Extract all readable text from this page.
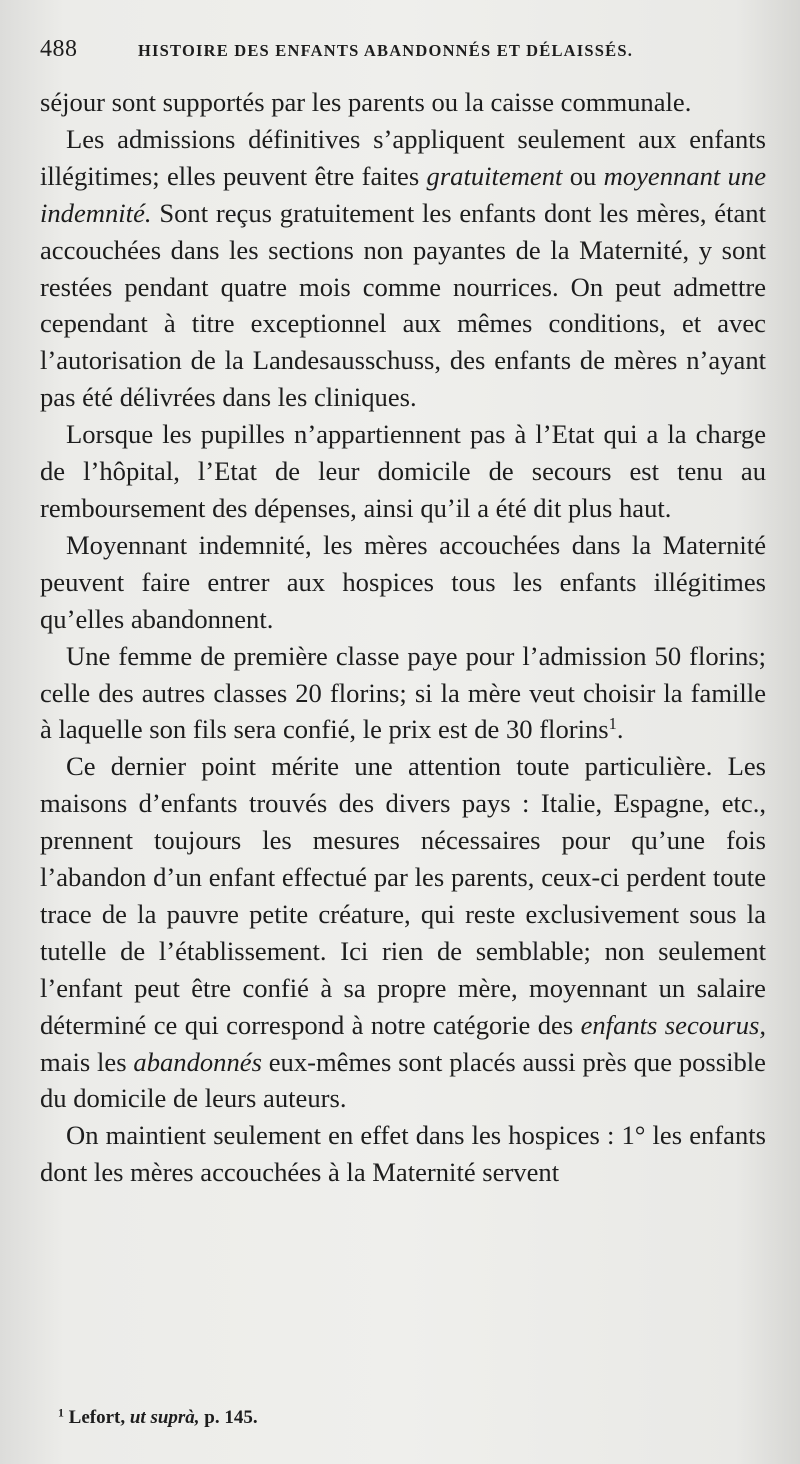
488	HISTOIRE DES ENFANTS ABANDONNÉS ET DÉLAISSÉS.

séjour sont supportés par les parents ou la caisse communale.

Les admissions définitives s’appliquent seulement aux enfants illégitimes; elles peuvent être faites gratuitement ou moyennant une indemnité. Sont reçus gratuitement les enfants dont les mères, étant accouchées dans les sections non payantes de la Maternité, y sont restées pendant quatre mois comme nourrices. On peut admettre cependant à titre exceptionnel aux mêmes conditions, et avec l’autorisation de la Landesausschuss, des enfants de mères n’ayant pas été délivrées dans les cliniques.

Lorsque les pupilles n’appartiennent pas à l’Etat qui a la charge de l’hôpital, l’Etat de leur domicile de secours est tenu au remboursement des dépenses, ainsi qu’il a été dit plus haut.

Moyennant indemnité, les mères accouchées dans la Maternité peuvent faire entrer aux hospices tous les enfants illégitimes qu’elles abandonnent.

Une femme de première classe paye pour l’admission 50 florins; celle des autres classes 20 florins; si la mère veut choisir la famille à laquelle son fils sera confié, le prix est de 30 florins$^1$.

Ce dernier point mérite une attention toute particulière. Les maisons d’enfants trouvés des divers pays : Italie, Espagne, etc., prennent toujours les mesures nécessaires pour qu’une fois l’abandon d’un enfant effectué par les parents, ceux-ci perdent toute trace de la pauvre petite créature, qui reste exclusivement sous la tutelle de l’établissement. Ici rien de semblable; non seulement l’enfant peut être confié à sa propre mère, moyennant un salaire déterminé ce qui correspond à notre catégorie des enfants secourus, mais les abandonnés eux-mêmes sont placés aussi près que possible du domicile de leurs auteurs.

On maintient seulement en effet dans les hospices : 1° les enfants dont les mères accouchées à la Maternité servent

$^1$ Lefort, ut suprà, p. 145.
